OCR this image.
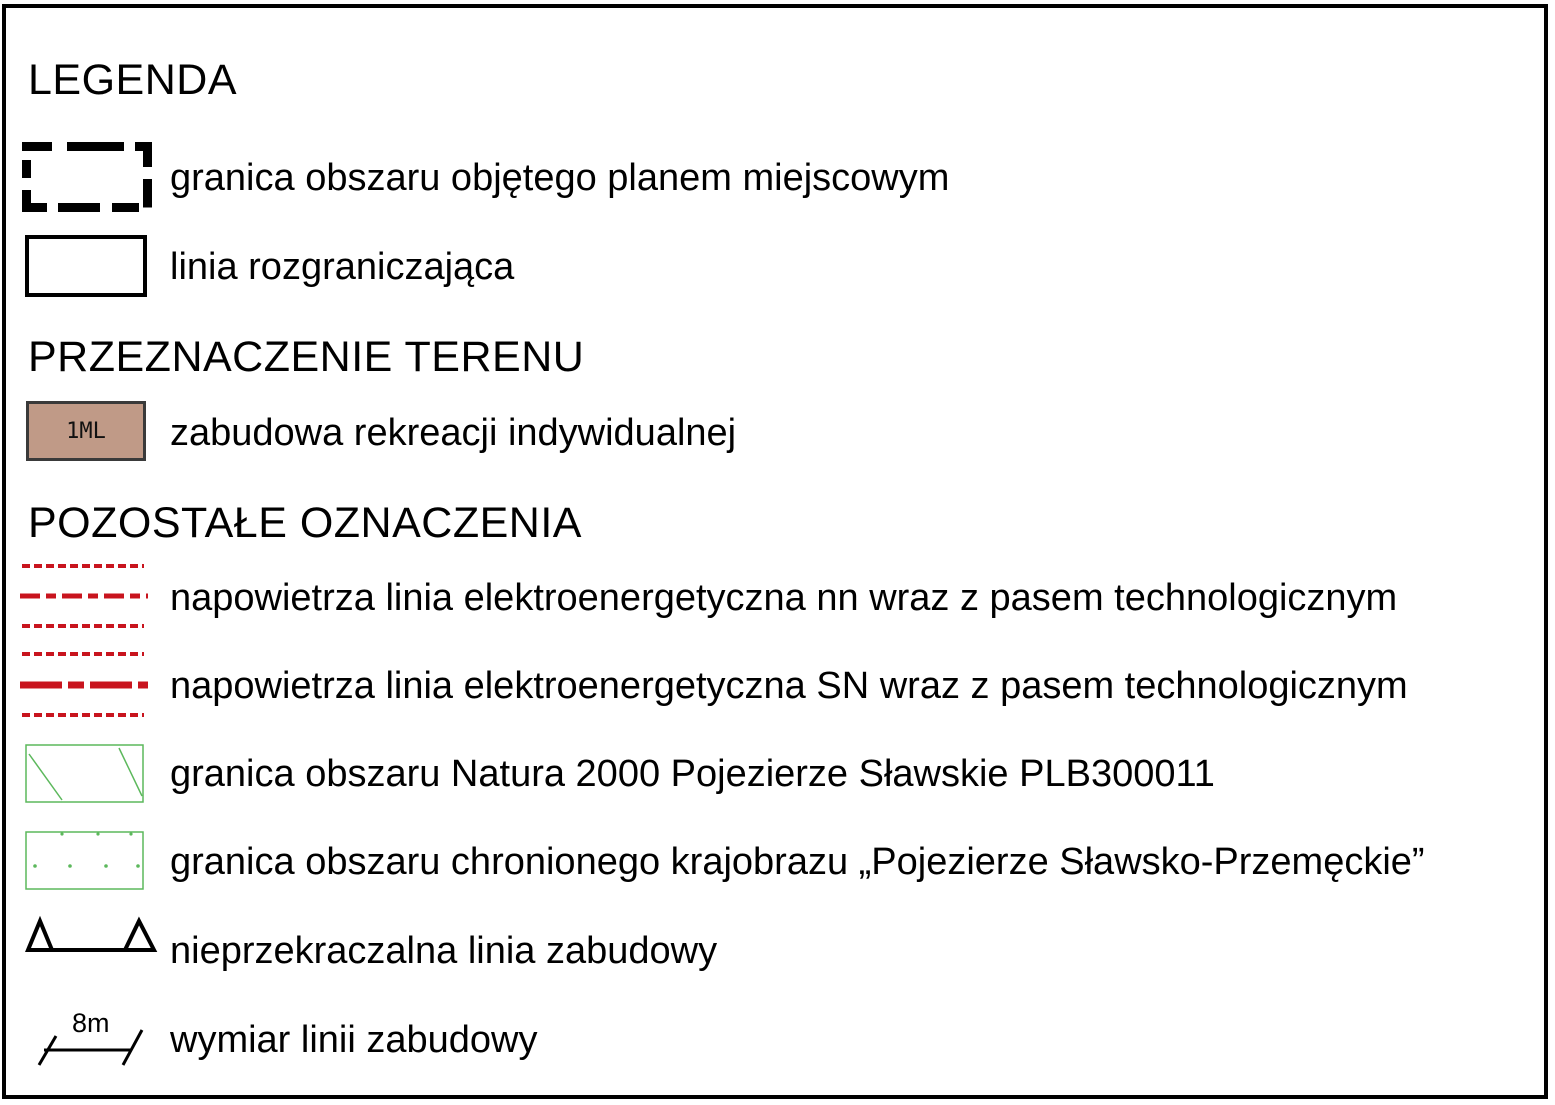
LEGENDA
granica obszaru objętego planem miejscowym
linia rozgraniczająca
PRZEZNACZENIE TERENU
1ML zabudowa rekreacji indywidualnej
POZOSTAŁE OZNACZENIA
napowietrza linia elektroenergetyczna nn wraz z pasem technologicznym
napowietrza linia elektroenergetyczna SN wraz z pasem technologicznym
granica obszaru Natura 2000 Pojezierze Sławskie PLB300011
granica obszaru chronionego krajobrazu „Pojezierze Sławsko-Przemęckie”
nieprzekraczalna linia zabudowy
8m wymiar linii zabudowy
